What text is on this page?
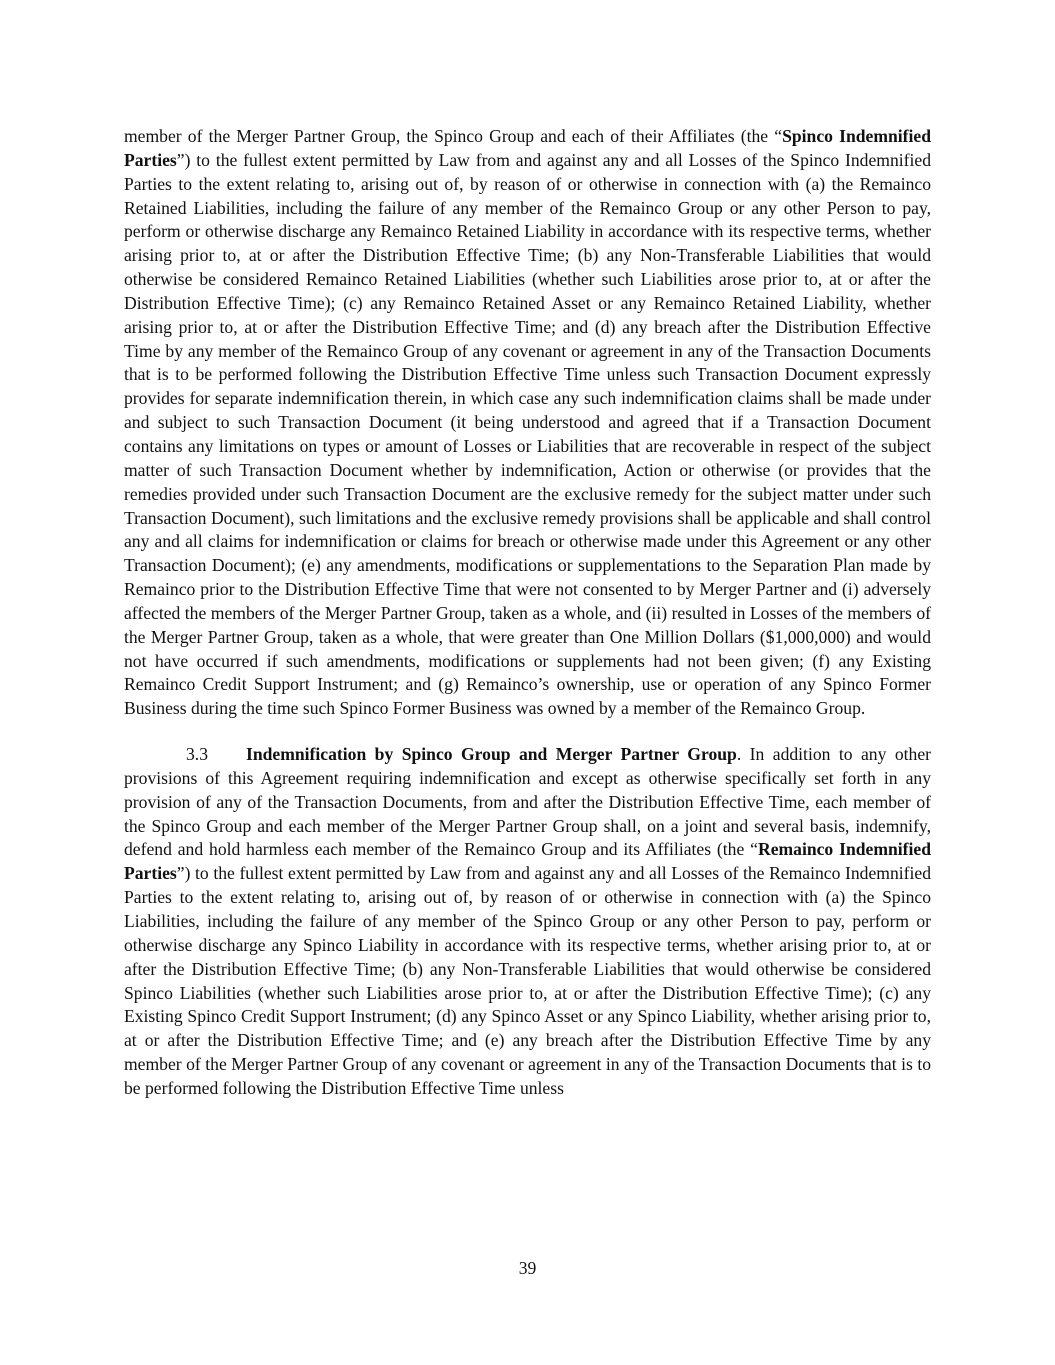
member of the Merger Partner Group, the Spinco Group and each of their Affiliates (the “Spinco Indemnified Parties”) to the fullest extent permitted by Law from and against any and all Losses of the Spinco Indemnified Parties to the extent relating to, arising out of, by reason of or otherwise in connection with (a) the Remainco Retained Liabilities, including the failure of any member of the Remainco Group or any other Person to pay, perform or otherwise discharge any Remainco Retained Liability in accordance with its respective terms, whether arising prior to, at or after the Distribution Effective Time; (b) any Non-Transferable Liabilities that would otherwise be considered Remainco Retained Liabilities (whether such Liabilities arose prior to, at or after the Distribution Effective Time); (c) any Remainco Retained Asset or any Remainco Retained Liability, whether arising prior to, at or after the Distribution Effective Time; and (d) any breach after the Distribution Effective Time by any member of the Remainco Group of any covenant or agreement in any of the Transaction Documents that is to be performed following the Distribution Effective Time unless such Transaction Document expressly provides for separate indemnification therein, in which case any such indemnification claims shall be made under and subject to such Transaction Document (it being understood and agreed that if a Transaction Document contains any limitations on types or amount of Losses or Liabilities that are recoverable in respect of the subject matter of such Transaction Document whether by indemnification, Action or otherwise (or provides that the remedies provided under such Transaction Document are the exclusive remedy for the subject matter under such Transaction Document), such limitations and the exclusive remedy provisions shall be applicable and shall control any and all claims for indemnification or claims for breach or otherwise made under this Agreement or any other Transaction Document); (e) any amendments, modifications or supplementations to the Separation Plan made by Remainco prior to the Distribution Effective Time that were not consented to by Merger Partner and (i) adversely affected the members of the Merger Partner Group, taken as a whole, and (ii) resulted in Losses of the members of the Merger Partner Group, taken as a whole, that were greater than One Million Dollars ($1,000,000) and would not have occurred if such amendments, modifications or supplements had not been given; (f) any Existing Remainco Credit Support Instrument; and (g) Remainco’s ownership, use or operation of any Spinco Former Business during the time such Spinco Former Business was owned by a member of the Remainco Group.

3.3 Indemnification by Spinco Group and Merger Partner Group. In addition to any other provisions of this Agreement requiring indemnification and except as otherwise specifically set forth in any provision of any of the Transaction Documents, from and after the Distribution Effective Time, each member of the Spinco Group and each member of the Merger Partner Group shall, on a joint and several basis, indemnify, defend and hold harmless each member of the Remainco Group and its Affiliates (the “Remainco Indemnified Parties”) to the fullest extent permitted by Law from and against any and all Losses of the Remainco Indemnified Parties to the extent relating to, arising out of, by reason of or otherwise in connection with (a) the Spinco Liabilities, including the failure of any member of the Spinco Group or any other Person to pay, perform or otherwise discharge any Spinco Liability in accordance with its respective terms, whether arising prior to, at or after the Distribution Effective Time; (b) any Non-Transferable Liabilities that would otherwise be considered Spinco Liabilities (whether such Liabilities arose prior to, at or after the Distribution Effective Time); (c) any Existing Spinco Credit Support Instrument; (d) any Spinco Asset or any Spinco Liability, whether arising prior to, at or after the Distribution Effective Time; and (e) any breach after the Distribution Effective Time by any member of the Merger Partner Group of any covenant or agreement in any of the Transaction Documents that is to be performed following the Distribution Effective Time unless

39
